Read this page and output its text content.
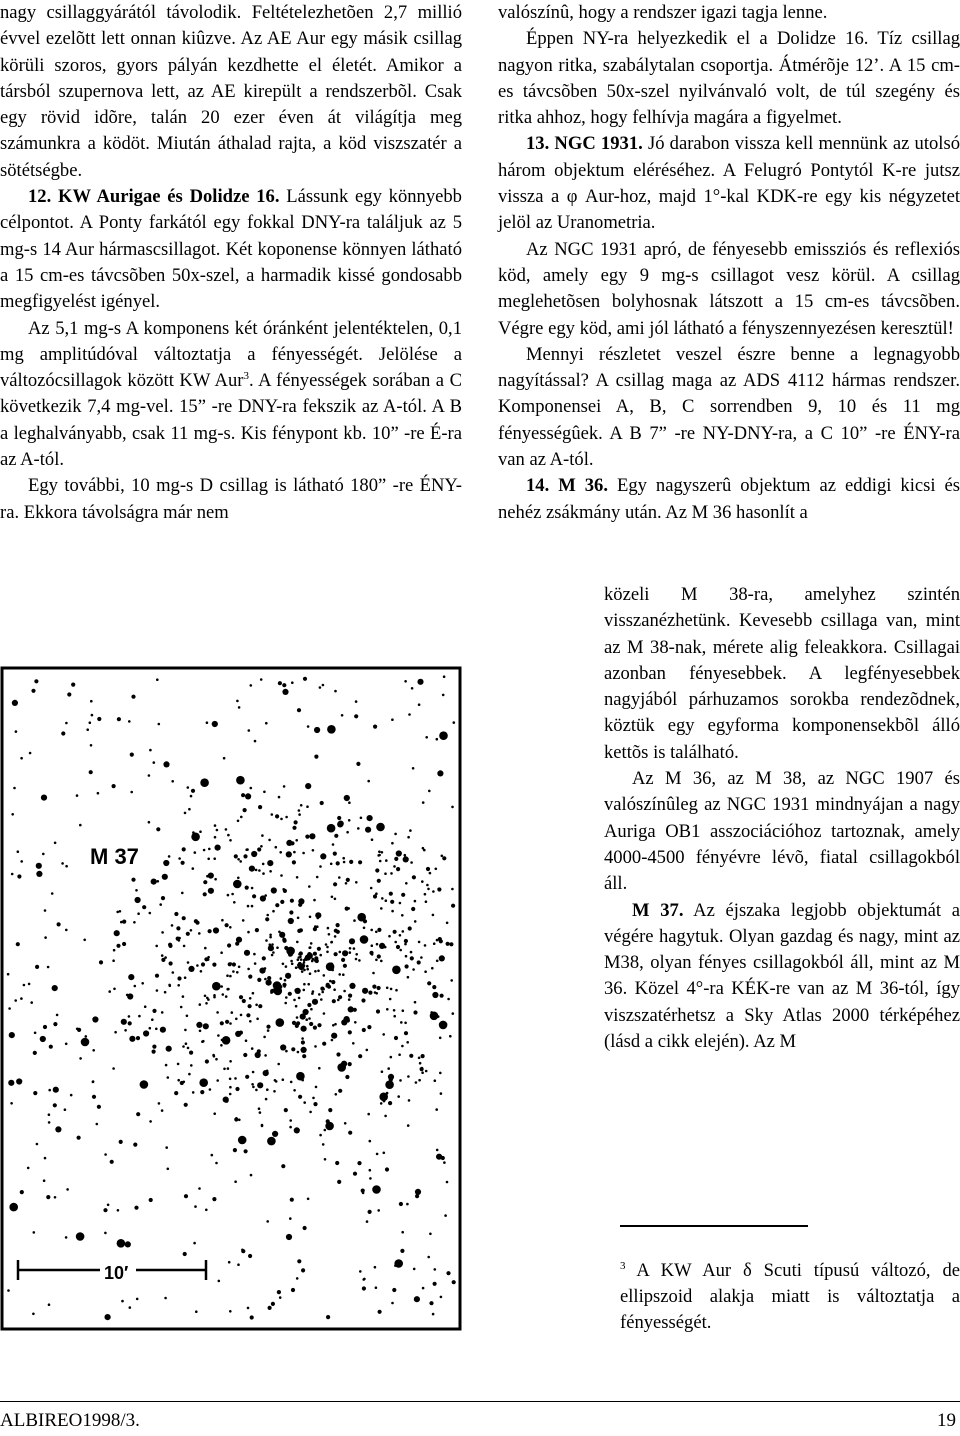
nagy csillaggyárától távolodik. Feltételezhetõen 2,7 millió évvel ezelõtt lett onnan kiûzve. Az AE Aur egy másik csillag körüli szoros, gyors pályán kezdhette el életét. Amikor a társból szupernova lett, az AE kirepült a rendszerbõl. Csak egy rövid idõre, talán 20 ezer éven át világítja meg számunkra a ködöt. Miután áthalad rajta, a köd viszszatér a sötétségbe.

12. KW Aurigae és Dolidze 16. Lássunk egy könnyebb célpontot. A Ponty farkától egy fokkal DNY-ra találjuk az 5 mg-s 14 Aur hármascsillagot. Két koponense könnyen látható a 15 cm-es távcsõben 50x-szel, a harmadik kissé gondosabb megfigyelést igényel.

Az 5,1 mg-s A komponens két óránként jelentéktelen, 0,1 mg amplitúdóval változtatja a fényességét. Jelölése a változócsillagok között KW Aur$^3$. A fényességek sorában a C következik 7,4 mg-vel. 15” -re DNY-ra fekszik az A-tól. A B a leghalványabb, csak 11 mg-s. Kis fénypont kb. 10” -re É-ra az A-tól.

Egy további, 10 mg-s D csillag is látható 180” -re ÉNY-ra. Ekkora távolságra már nem

M 37
10′

valószínû, hogy a rendszer igazi tagja lenne.

Éppen NY-ra helyezkedik el a Dolidze 16. Tíz csillag nagyon ritka, szabálytalan csoportja. Átmérõje 12’. A 15 cm-es távcsõben 50x-szel nyilvánvaló volt, de túl szegény és ritka ahhoz, hogy felhívja magára a figyelmet.

13. NGC 1931. Jó darabon vissza kell mennünk az utolsó három objektum eléréséhez. A Felugró Pontytól K-re jutsz vissza a φ Aur-hoz, majd 1°-kal KDK-re egy kis négyzetet jelöl az Uranometria.

Az NGC 1931 apró, de fényesebb emissziós és reflexiós köd, amely egy 9 mg-s csillagot vesz körül. A csillag meglehetõsen bolyhosnak látszott a 15 cm-es távcsõben. Végre egy köd, ami jól látható a fényszennyezésen keresztül!

Mennyi részletet veszel észre benne a legnagyobb nagyítással? A csillag maga az ADS 4112 hármas rendszer. Komponensei A, B, C sorrendben 9, 10 és 11 mg fényességûek. A B 7” -re NY-DNY-ra, a C 10” -re ÉNY-ra van az A-tól.

14. M 36. Egy nagyszerû objektum az eddigi kicsi és nehéz zsákmány után. Az M 36 hasonlít a

közeli M 38-ra, amelyhez szintén visszanézhetünk. Kevesebb csillaga van, mint az M 38-nak, mérete alig feleakkora. Csillagai azonban fényesebbek. A legfényesebbek nagyjából párhuzamos sorokba rendezõdnek, köztük egy egyforma komponensekbõl álló kettõs is található.

Az M 36, az M 38, az NGC 1907 és valószínûleg az NGC 1931 mindnyájan a nagy Auriga OB1 asszociációhoz tartoznak, amely 4000-4500 fényévre lévõ, fiatal csillagokból áll.

M 37. Az éjszaka legjobb objektumát a végére hagytuk. Olyan gazdag és nagy, mint az M38, olyan fényes csillagokból áll, mint az M 36. Közel 4°-ra KÉK-re van az M 36-tól, így viszszatérhetsz a Sky Atlas 2000 térképéhez (lásd a cikk elején). Az M

$^3$ A KW Aur δ Scuti típusú változó, de ellipszoid alakja miatt is változtatja a fényességét.

ALBIREO1998/3.	19
